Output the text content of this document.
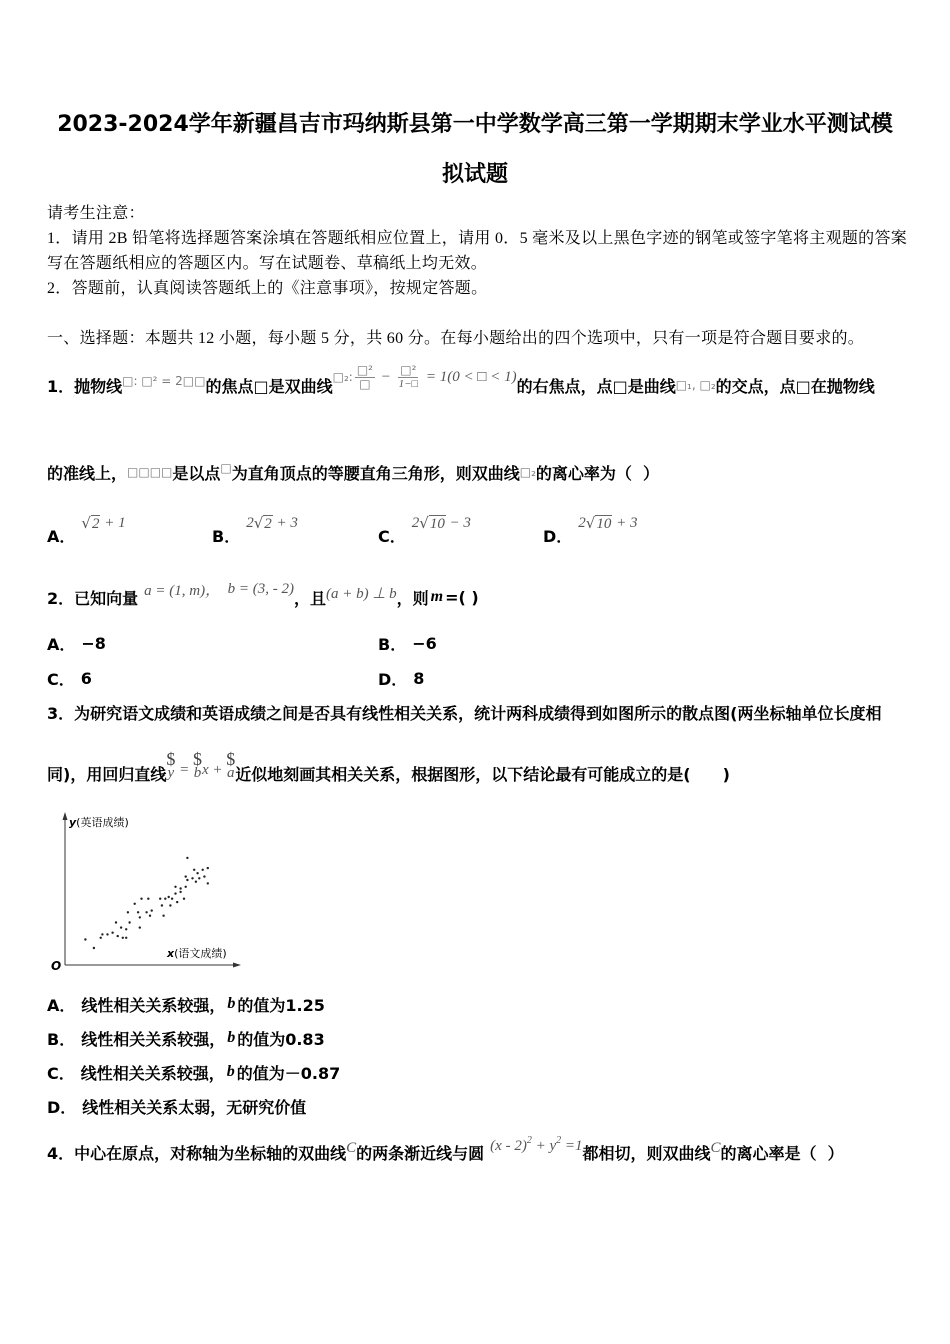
2023-2024学年新疆昌吉市玛纳斯县第一中学数学高三第一学期期末学业水平测试模
拟试题
请考生注意：
1．请用 2B 铅笔将选择题答案涂填在答题纸相应位置上，请用 0．5 毫米及以上黑色字迹的钢笔或签字笔将主观题的答案
写在答题纸相应的答题区内。写在试题卷、草稿纸上均无效。
2．答题前，认真阅读答题纸上的《注意事项》，按规定答题。
一、选择题：本题共 12 小题，每小题 5 分，共 60 分。在每小题给出的四个选项中，只有一项是符合题目要求的。
1．抛物线 □: □² = 2□□ 的焦点□是双曲线 □₂: $\frac{\text{□²}}{□} - \frac{\text{□²}}{1-□} = 1(0$ < □ < 1) 的右焦点，点□是曲线 □₁, □₂ 的交点，点□在抛物线
的准线上， □□□□ 是以点 □ 为直角顶点的等腰直角三角形，则双曲线 □₂ 的离心率为（  ）
A．
√ 2 + 1
B．
2 √ 2 + 3
C．
2 √ 10 − 3
D．
2 √ 10 + 3
2．已知向量 a = (1, m)， b = (3, - 2) ，且 (a + b) ⊥ b ，则 m =( )
A． −8	B． −6
C． 6	D． 8
3．为研究语文成绩和英语成绩之间是否具有线性相关关系，统计两科成绩得到如图所示的散点图(两坐标轴单位长度相
同)，用回归直线
$
y =
$
b x +
$
a 近似地刻画其相关关系，根据图形，以下结论最有可能成立的是(　　)
y(英语成绩)
x(语文成绩)
O
A． 线性相关关系较强， b 的值为1.25
B． 线性相关关系较强， b 的值为0.83
C． 线性相关关系较强， b 的值为－0.87
D． 线性相关关系太弱，无研究价值
4．中心在原点，对称轴为坐标轴的双曲线 C 的两条渐近线与圆 (x - 2) 2 + y 2 =1 都相切，则双曲线 C 的离心率是（  ）
